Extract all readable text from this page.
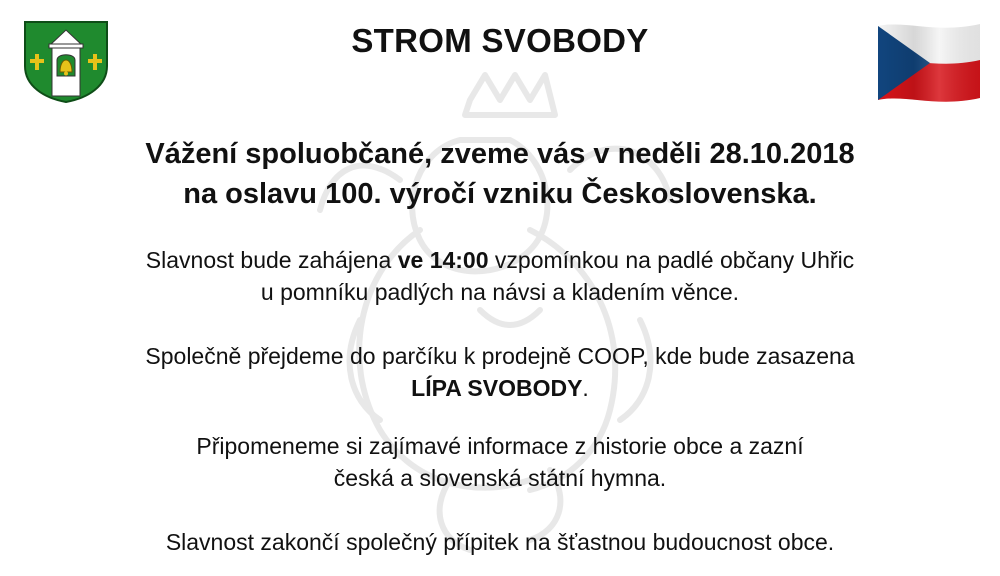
STROM SVOBODY
Vážení spoluobčané, zveme vás v neděli 28.10.2018
na oslavu 100. výročí vzniku Československa.
Slavnost bude zahájena ve 14:00 vzpomínkou na padlé občany Uhřic
u pomníku padlých na návsi a kladením věnce.
Společně přejdeme do parčíku k prodejně COOP, kde bude zasazena
LÍPA SVOBODY.
Připomeneme si zajímavé informace z historie obce a zazní
česká a slovenská státní hymna.
Slavnost zakončí společný přípitek na šťastnou budoucnost obce.
